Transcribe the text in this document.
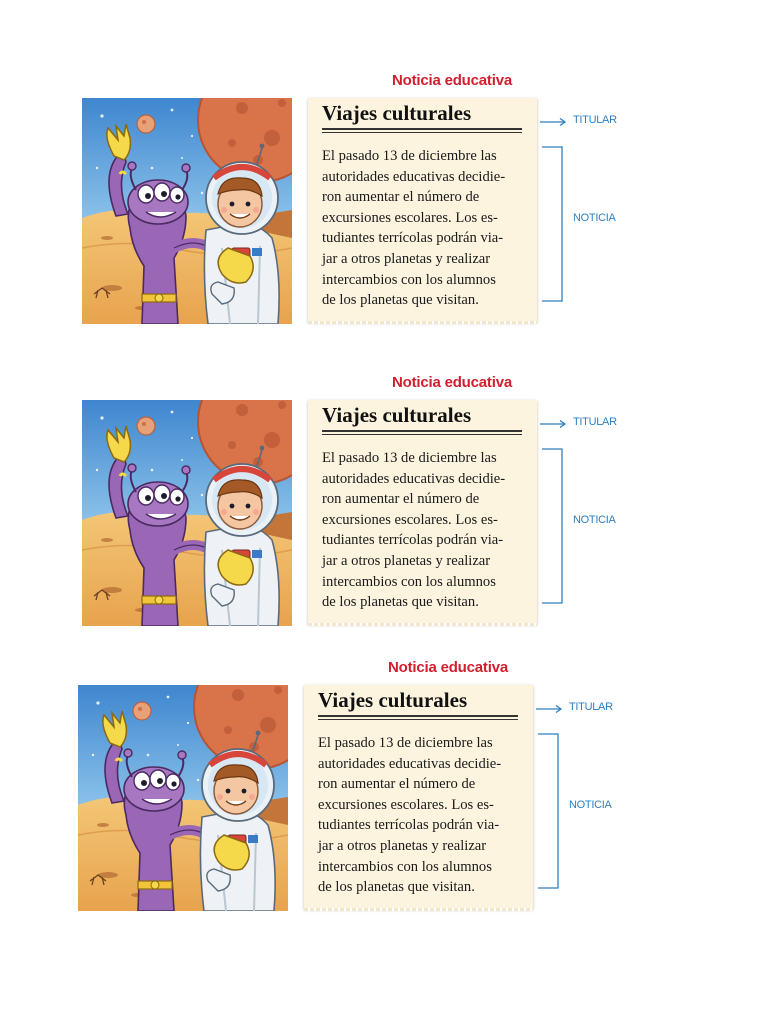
Noticia educativa
Viajes culturales
El pasado 13 de diciembre las
autoridades educativas decidie-
ron aumentar el número de
excursiones escolares. Los es-
tudiantes terrícolas podrán via-
jar a otros planetas y realizar
intercambios con los alumnos
de los planetas que visitan.
TITULAR
NOTICIA
Noticia educativa
Viajes culturales
El pasado 13 de diciembre las
autoridades educativas decidie-
ron aumentar el número de
excursiones escolares. Los es-
tudiantes terrícolas podrán via-
jar a otros planetas y realizar
intercambios con los alumnos
de los planetas que visitan.
TITULAR
NOTICIA
Noticia educativa
Viajes culturales
El pasado 13 de diciembre las
autoridades educativas decidie-
ron aumentar el número de
excursiones escolares. Los es-
tudiantes terrícolas podrán via-
jar a otros planetas y realizar
intercambios con los alumnos
de los planetas que visitan.
TITULAR
NOTICIA
